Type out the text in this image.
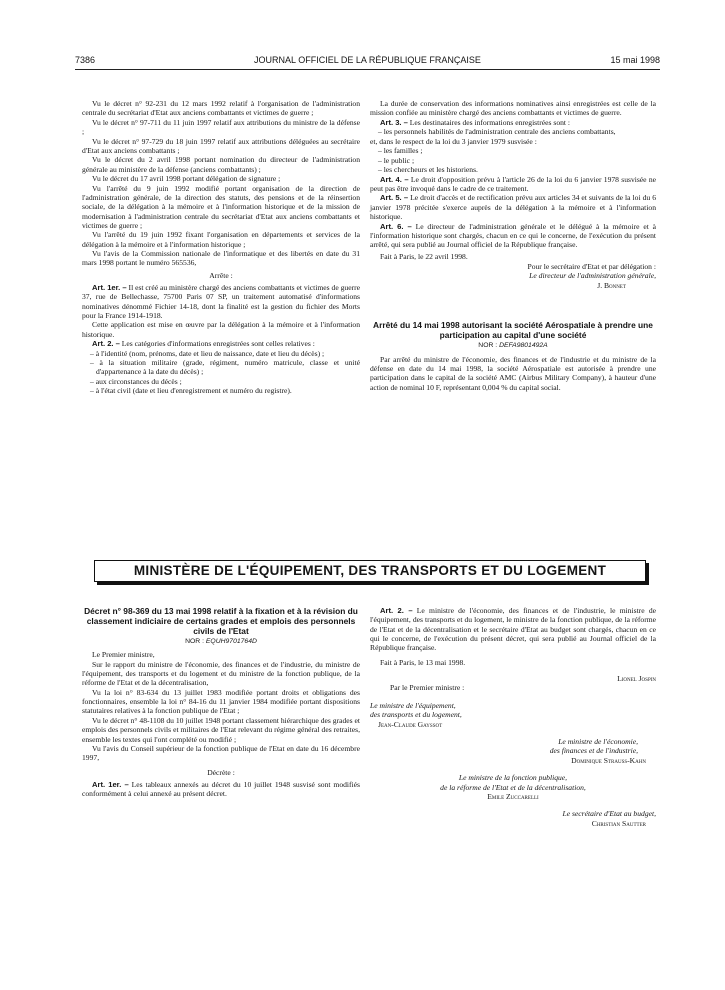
7386	JOURNAL OFFICIEL DE LA RÉPUBLIQUE FRANÇAISE	15 mai 1998

Vu le décret n° 92-231 du 12 mars 1992 relatif à l'organisation de l'administration centrale du secrétariat d'Etat aux anciens combattants et victimes de guerre ;

Vu le décret n° 97-711 du 11 juin 1997 relatif aux attributions du ministre de la défense ;

Vu le décret n° 97-729 du 18 juin 1997 relatif aux attributions déléguées au secrétaire d'Etat aux anciens combattants ;

Vu le décret du 2 avril 1998 portant nomination du directeur de l'administration générale au ministère de la défense (anciens combattants) ;

Vu le décret du 17 avril 1998 portant délégation de signature ;

Vu l'arrêté du 9 juin 1992 modifié portant organisation de la direction de l'administration générale, de la direction des statuts, des pensions et de la réinsertion sociale, de la délégation à la mémoire et à l'information historique et de la mission de modernisation à l'administration centrale du secrétariat d'Etat aux anciens combattants et victimes de guerre ;

Vu l'arrêté du 19 juin 1992 fixant l'organisation en départements et services de la délégation à la mémoire et à l'information historique ;

Vu l'avis de la Commission nationale de l'informatique et des libertés en date du 31 mars 1998 portant le numéro 565536,

Arrête :

Art. 1er. – Il est créé au ministère chargé des anciens combattants et victimes de guerre 37, rue de Bellechasse, 75700 Paris 07 SP, un traitement automatisé d'informations nominatives dénommé Fichier 14-18, dont la finalité est la gestion du fichier des Morts pour la France 1914-1918.

Cette application est mise en œuvre par la délégation à la mémoire et à l'information historique.

Art. 2. – Les catégories d'informations enregistrées sont celles relatives :

– à l'identité (nom, prénoms, date et lieu de naissance, date et lieu du décès) ;

– à la situation militaire (grade, régiment, numéro matricule, classe et unité d'appartenance à la date du décès) ;

– aux circonstances du décès ;

– à l'état civil (date et lieu d'enregistrement et numéro du registre).

La durée de conservation des informations nominatives ainsi enregistrées est celle de la mission confiée au ministère chargé des anciens combattants et victimes de guerre.

Art. 3. – Les destinataires des informations enregistrées sont :

– les personnels habilités de l'administration centrale des anciens combattants,

et, dans le respect de la loi du 3 janvier 1979 susvisée :

– les familles ;

– le public ;

– les chercheurs et les historiens.

Art. 4. – Le droit d'opposition prévu à l'article 26 de la loi du 6 janvier 1978 susvisée ne peut pas être invoqué dans le cadre de ce traitement.

Art. 5. – Le droit d'accès et de rectification prévu aux articles 34 et suivants de la loi du 6 janvier 1978 précitée s'exerce auprès de la délégation à la mémoire et à l'information historique.

Art. 6. – Le directeur de l'administration générale et le délégué à la mémoire et à l'information historique sont chargés, chacun en ce qui le concerne, de l'exécution du présent arrêté, qui sera publié au Journal officiel de la République française.

Fait à Paris, le 22 avril 1998.

Pour le secrétaire d'Etat et par délégation :

Le directeur de l'administration générale,

J. Bonnet

Arrêté du 14 mai 1998 autorisant la société Aérospatiale à prendre une participation au capital d'une société

NOR : DEFA9801492A

Par arrêté du ministre de l'économie, des finances et de l'industrie et du ministre de la défense en date du 14 mai 1998, la société Aérospatiale est autorisée à prendre une participation dans le capital de la société AMC (Airbus Military Company), à hauteur d'une action de nominal 10 F, représentant 0,004 % du capital social.

MINISTÈRE DE L'ÉQUIPEMENT, DES TRANSPORTS ET DU LOGEMENT

Décret n° 98-369 du 13 mai 1998 relatif à la fixation et à la révision du classement indiciaire de certains grades et emplois des personnels civils de l'Etat

NOR : EQUH9701764D

Le Premier ministre,

Sur le rapport du ministre de l'économie, des finances et de l'industrie, du ministre de l'équipement, des transports et du logement et du ministre de la fonction publique, de la réforme de l'Etat et de la décentralisation,

Vu la loi n° 83-634 du 13 juillet 1983 modifiée portant droits et obligations des fonctionnaires, ensemble la loi n° 84-16 du 11 janvier 1984 modifiée portant dispositions statutaires relatives à la fonction publique de l'Etat ;

Vu le décret n° 48-1108 du 10 juillet 1948 portant classement hiérarchique des grades et emplois des personnels civils et militaires de l'Etat relevant du régime général des retraites, ensemble les textes qui l'ont complété ou modifié ;

Vu l'avis du Conseil supérieur de la fonction publique de l'Etat en date du 16 décembre 1997,

Décrète :

Art. 1er. – Les tableaux annexés au décret du 10 juillet 1948 susvisé sont modifiés conformément à celui annexé au présent décret.

Art. 2. – Le ministre de l'économie, des finances et de l'industrie, le ministre de l'équipement, des transports et du logement, le ministre de la fonction publique, de la réforme de l'Etat et de la décentralisation et le secrétaire d'Etat au budget sont chargés, chacun en ce qui le concerne, de l'exécution du présent décret, qui sera publié au Journal officiel de la République française.

Fait à Paris, le 13 mai 1998.

Lionel Jospin

Par le Premier ministre :

Le ministre de l'équipement,

des transports et du logement,

Jean-Claude Gayssot

Le ministre de l'économie,

des finances et de l'industrie,

Dominique Strauss-Kahn

Le ministre de la fonction publique,

de la réforme de l'Etat et de la décentralisation,

Emile Zuccarelli

Le secrétaire d'Etat au budget,

Christian Sautter
